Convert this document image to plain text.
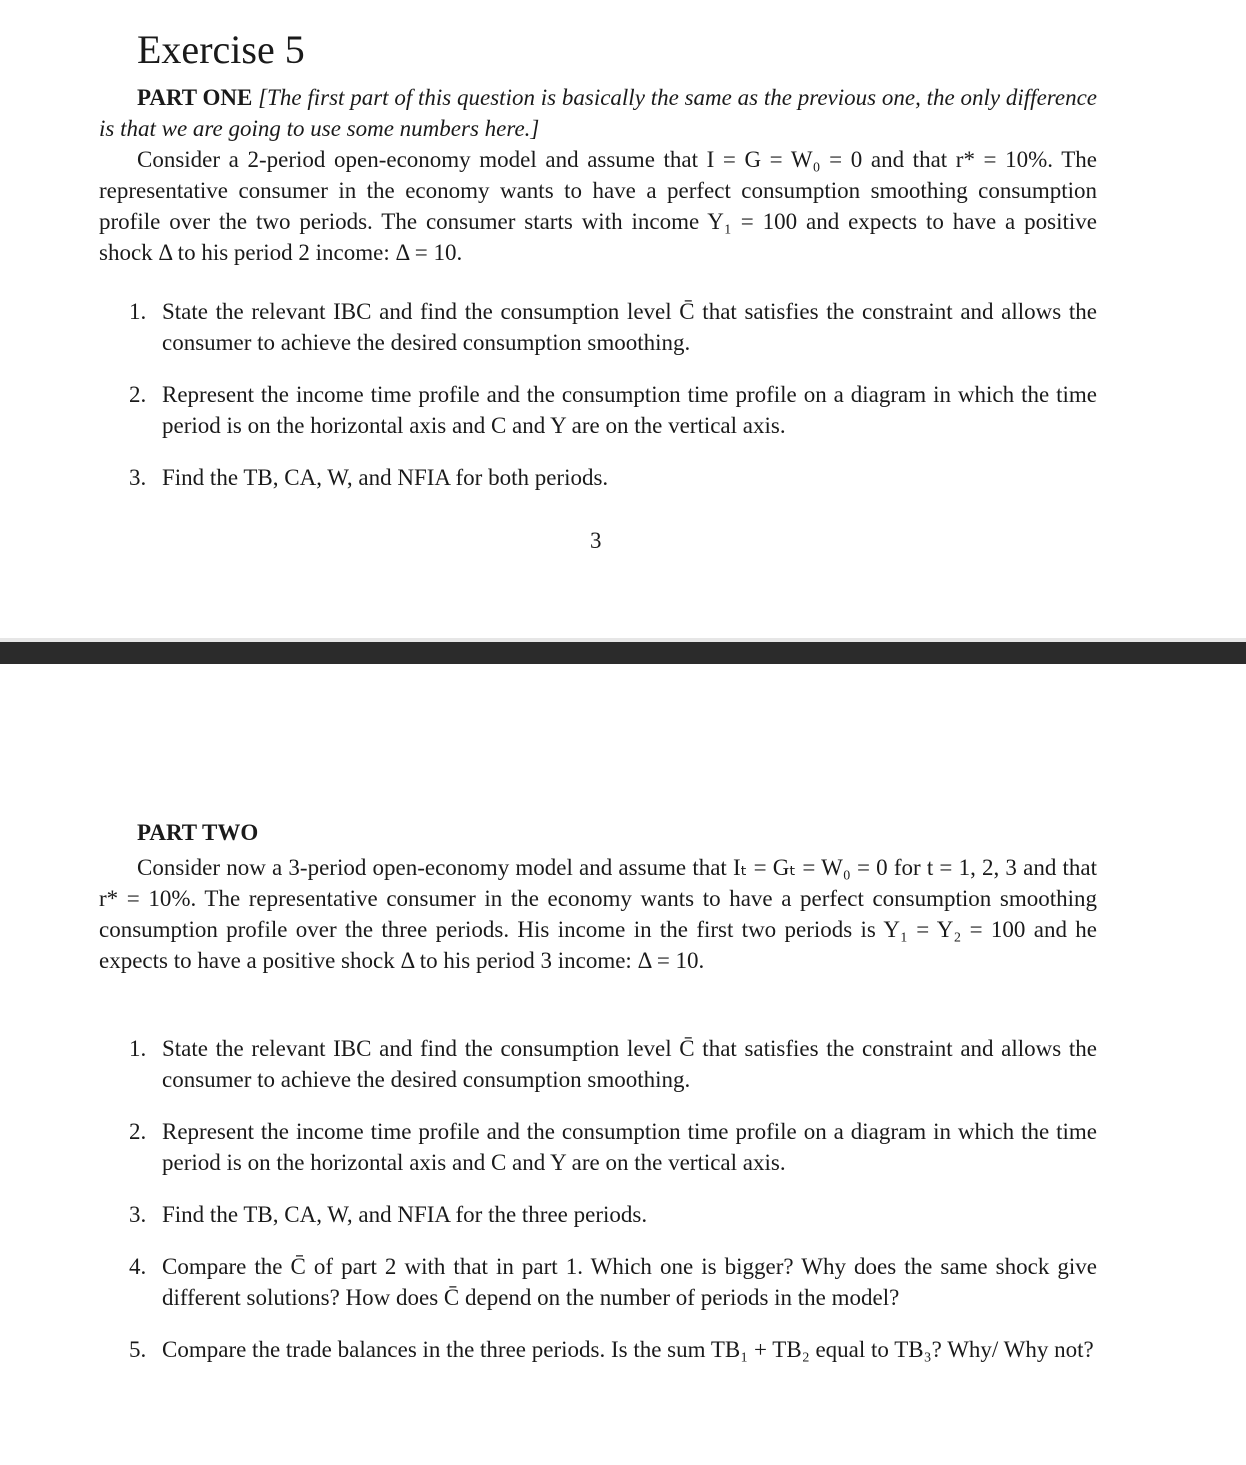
Exercise 5
PART ONE [The first part of this question is basically the same as the previous one, the only difference is that we are going to use some numbers here.]
Consider a 2-period open-economy model and assume that I = G = W₀ = 0 and that r* = 10%. The representative consumer in the economy wants to have a perfect consumption smoothing consumption profile over the two periods. The consumer starts with income Y₁ = 100 and expects to have a positive shock Δ to his period 2 income: Δ = 10.
1. State the relevant IBC and find the consumption level C̄ that satisfies the constraint and allows the consumer to achieve the desired consumption smoothing.
2. Represent the income time profile and the consumption time profile on a diagram in which the time period is on the horizontal axis and C and Y are on the vertical axis.
3. Find the TB, CA, W, and NFIA for both periods.
3
PART TWO
Consider now a 3-period open-economy model and assume that Iₜ = Gₜ = W₀ = 0 for t = 1, 2, 3 and that r* = 10%. The representative consumer in the economy wants to have a perfect consumption smoothing consumption profile over the three periods. His income in the first two periods is Y₁ = Y₂ = 100 and he expects to have a positive shock Δ to his period 3 income: Δ = 10.
1. State the relevant IBC and find the consumption level C̄ that satisfies the constraint and allows the consumer to achieve the desired consumption smoothing.
2. Represent the income time profile and the consumption time profile on a diagram in which the time period is on the horizontal axis and C and Y are on the vertical axis.
3. Find the TB, CA, W, and NFIA for the three periods.
4. Compare the C̄ of part 2 with that in part 1. Which one is bigger? Why does the same shock give different solutions? How does C̄ depend on the number of periods in the model?
5. Compare the trade balances in the three periods. Is the sum TB₁ + TB₂ equal to TB₃? Why/ Why not?
